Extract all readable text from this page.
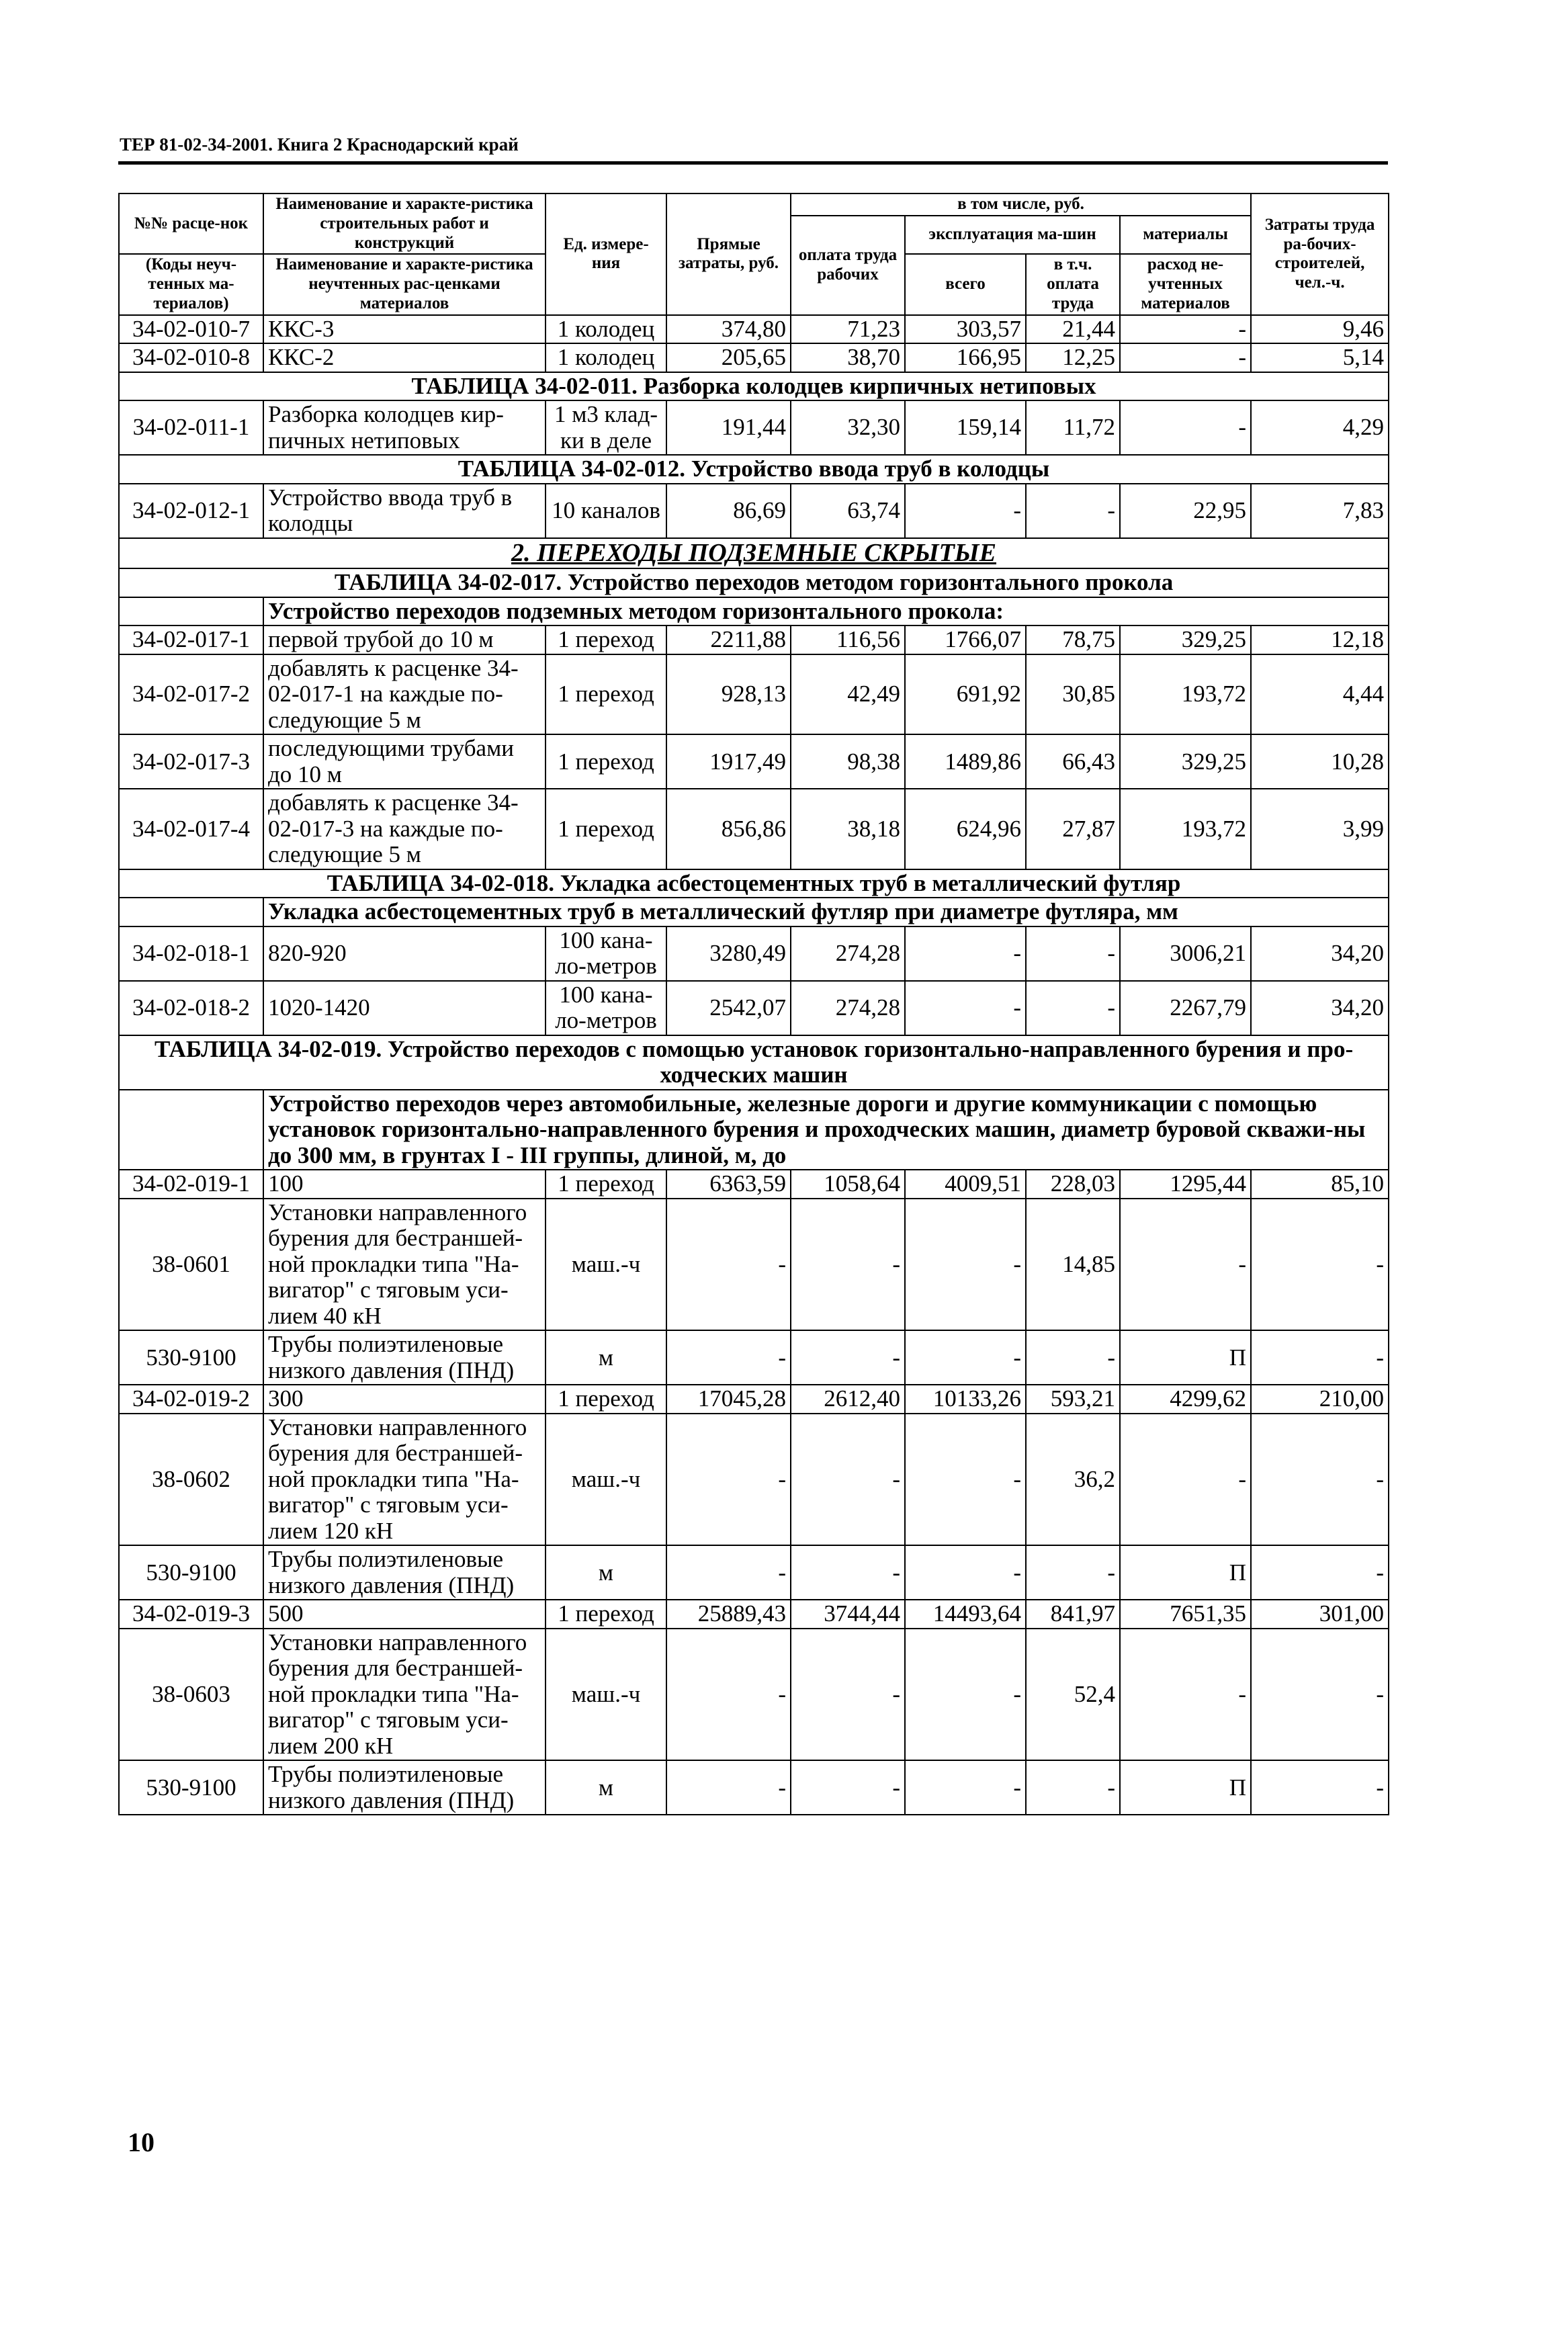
ТЕР 81-02-34-2001. Книга 2 Краснодарский край
№№ расце-нок	Наименование и характе-ристика строительных работ и конструкций	Ед. измере-ния	Прямые затраты, руб.	в том числе, руб.				Затраты труда ра-бочих-строителей, чел.-ч.
				оплата труда рабочих	эксплуатация ма-шин		материалы	

(Коды неуч-тенных ма-териалов)	Наименование и характе-ристика неучтенных рас-ценками материалов				всего	в т.ч. оплата труда	расход не-учтенных материалов	

34-02-010-7	ККС-3	1 колодец	374,80	71,23	303,57	21,44	-	9,46
34-02-010-8	ККС-2	1 колодец	205,65	38,70	166,95	12,25	-	5,14
ТАБЛИЦА 34-02-011. Разборка колодцев кирпичных нетиповых								
34-02-011-1	Разборка колодцев кир-пичных нетиповых	1 м3 клад-ки в деле	191,44	32,30	159,14	11,72	-	4,29
ТАБЛИЦА 34-02-012. Устройство ввода труб в колодцы								
34-02-012-1	Устройство ввода труб в колодцы	10 каналов	86,69	63,74	-	-	22,95	7,83
2. ПЕРЕХОДЫ ПОДЗЕМНЫЕ СКРЫТЫЕ								
ТАБЛИЦА 34-02-017. Устройство переходов методом горизонтального прокола								
	Устройство переходов подземных методом горизонтального прокола:							
34-02-017-1	первой трубой до 10 м	1 переход	2211,88	116,56	1766,07	78,75	329,25	12,18
34-02-017-2	добавлять к расценке 34-02-017-1 на каждые по-следующие 5 м	1 переход	928,13	42,49	691,92	30,85	193,72	4,44
34-02-017-3	последующими трубами до 10 м	1 переход	1917,49	98,38	1489,86	66,43	329,25	10,28
34-02-017-4	добавлять к расценке 34-02-017-3 на каждые по-следующие 5 м	1 переход	856,86	38,18	624,96	27,87	193,72	3,99
ТАБЛИЦА 34-02-018. Укладка асбестоцементных труб в металлический футляр								
	Укладка асбестоцементных труб в металлический футляр при диаметре футляра, мм							
34-02-018-1	820-920	100 кана-ло-метров	3280,49	274,28	-	-	3006,21	34,20
34-02-018-2	1020-1420	100 кана-ло-метров	2542,07	274,28	-	-	2267,79	34,20
ТАБЛИЦА 34-02-019. Устройство переходов с помощью установок горизонтально-направленного бурения и про-ходческих машин								
	Устройство переходов через автомобильные, железные дороги и другие коммуникации с помощью установок горизонтально-направленного бурения и проходческих машин, диаметр буровой скважи-ны до 300 мм, в грунтах I - III группы, длиной, м, до							
34-02-019-1	100	1 переход	6363,59	1058,64	4009,51	228,03	1295,44	85,10
38-0601	Установки направленного бурения для бестраншей-ной прокладки типа "На-вигатор" с тяговым уси-лием 40 кН	маш.-ч	-	-	-	14,85	-	-
530-9100	Трубы полиэтиленовые низкого давления (ПНД)	м	-	-	-	-	П	-
34-02-019-2	300	1 переход	17045,28	2612,40	10133,26	593,21	4299,62	210,00
38-0602	Установки направленного бурения для бестраншей-ной прокладки типа "На-вигатор" с тяговым уси-лием 120 кН	маш.-ч	-	-	-	36,2	-	-
530-9100	Трубы полиэтиленовые низкого давления (ПНД)	м	-	-	-	-	П	-
34-02-019-3	500	1 переход	25889,43	3744,44	14493,64	841,97	7651,35	301,00
38-0603	Установки направленного бурения для бестраншей-ной прокладки типа "На-вигатор" с тяговым уси-лием 200 кН	маш.-ч	-	-	-	52,4	-	-
530-9100	Трубы полиэтиленовые низкого давления (ПНД)	м	-	-	-	-	П	-
10
